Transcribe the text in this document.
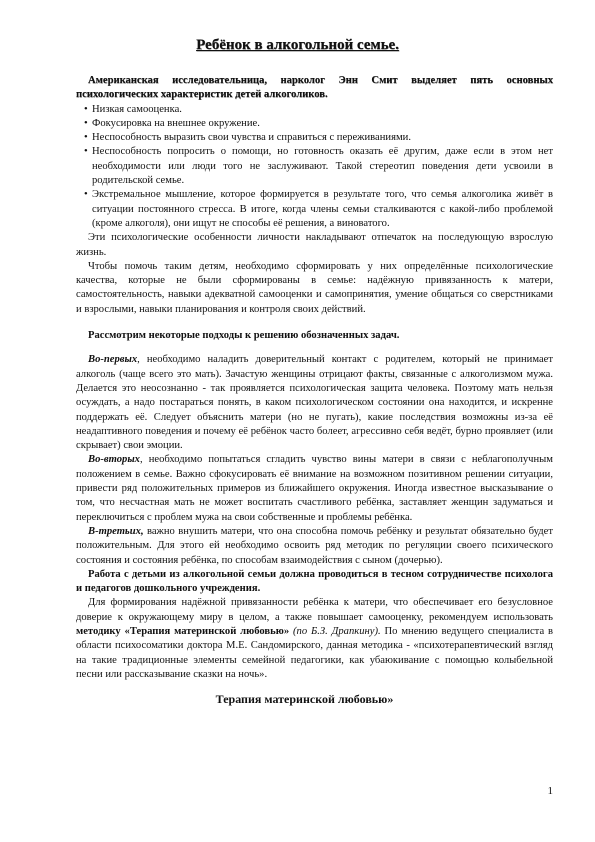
Ребёнок в алкогольной семье.

Американская исследовательница, нарколог Энн Смит выделяет пять основных психологических характеристик детей алкоголиков.

• Низкая самооценка.
• Фокусировка на внешнее окружение.
• Неспособность выразить свои чувства и справиться с переживаниями.
• Неспособность попросить о помощи, но готовность оказать её другим, даже если в этом нет необходимости или люди того не заслуживают. Такой стереотип поведения дети усвоили в родительской семье.
• Экстремальное мышление, которое формируется в результате того, что семья алкоголика живёт в ситуации постоянного стресса. В итоге, когда члены семьи сталкиваются с какой-либо проблемой (кроме алкоголя), они ищут не способы её решения, а виноватого.

Эти психологические особенности личности накладывают отпечаток на последующую взрослую жизнь.

Чтобы помочь таким детям, необходимо сформировать у них определённые психологические качества, которые не были сформированы в семье: надёжную привязанность к матери, самостоятельность, навыки адекватной самооценки и самопринятия, умение общаться со сверстниками и взрослыми, навыки планирования и контроля своих действий.

Рассмотрим некоторые подходы к решению обозначенных задач.

Во-первых, необходимо наладить доверительный контакт с родителем, который не принимает алкоголь (чаще всего это мать). Зачастую женщины отрицают факты, связанные с алкоголизмом мужа. Делается это неосознанно - так проявляется психологическая защита человека. Поэтому мать нельзя осуждать, а надо постараться понять, в каком психологическом состоянии она находится, и искренне поддержать её. Следует объяснить матери (но не пугать), какие последствия возможны из-за её неадаптивного поведения и почему её ребёнок часто болеет, агрессивно себя ведёт, бурно проявляет (или скрывает) свои эмоции.

Во-вторых, необходимо попытаться сгладить чувство вины матери в связи с неблагополучным положением в семье. Важно сфокусировать её внимание на возможном позитивном решении ситуации, привести ряд положительных примеров из ближайшего окружения. Иногда известное высказывание о том, что несчастная мать не может воспитать счастливого ребёнка, заставляет женщин задуматься и переключиться с проблем мужа на свои собственные и проблемы ребёнка.

В-третьих, важно внушить матери, что она способна помочь ребёнку и результат обязательно будет положительным. Для этого ей необходимо освоить ряд методик по регуляции своего психического состояния и состояния ребёнка, по способам взаимодействия с сыном (дочерью).

Работа с детьми из алкогольной семьи должна проводиться в тесном сотрудничестве психолога и педагогов дошкольного учреждения.

Для формирования надёжной привязанности ребёнка к матери, что обеспечивает его безусловное доверие к окружающему миру в целом, а также повышает самооценку, рекомендуем использовать методику «Терапия материнской любовью» (по Б.З. Драпкину). По мнению ведущего специалиста в области психосоматики доктора М.Е. Сандомирского, данная методика - «психотерапевтический взгляд на такие традиционные элементы семейной педагогики, как убаюкивание с помощью колыбельной песни или рассказывание сказки на ночь».

Терапия материнской любовью»

1
